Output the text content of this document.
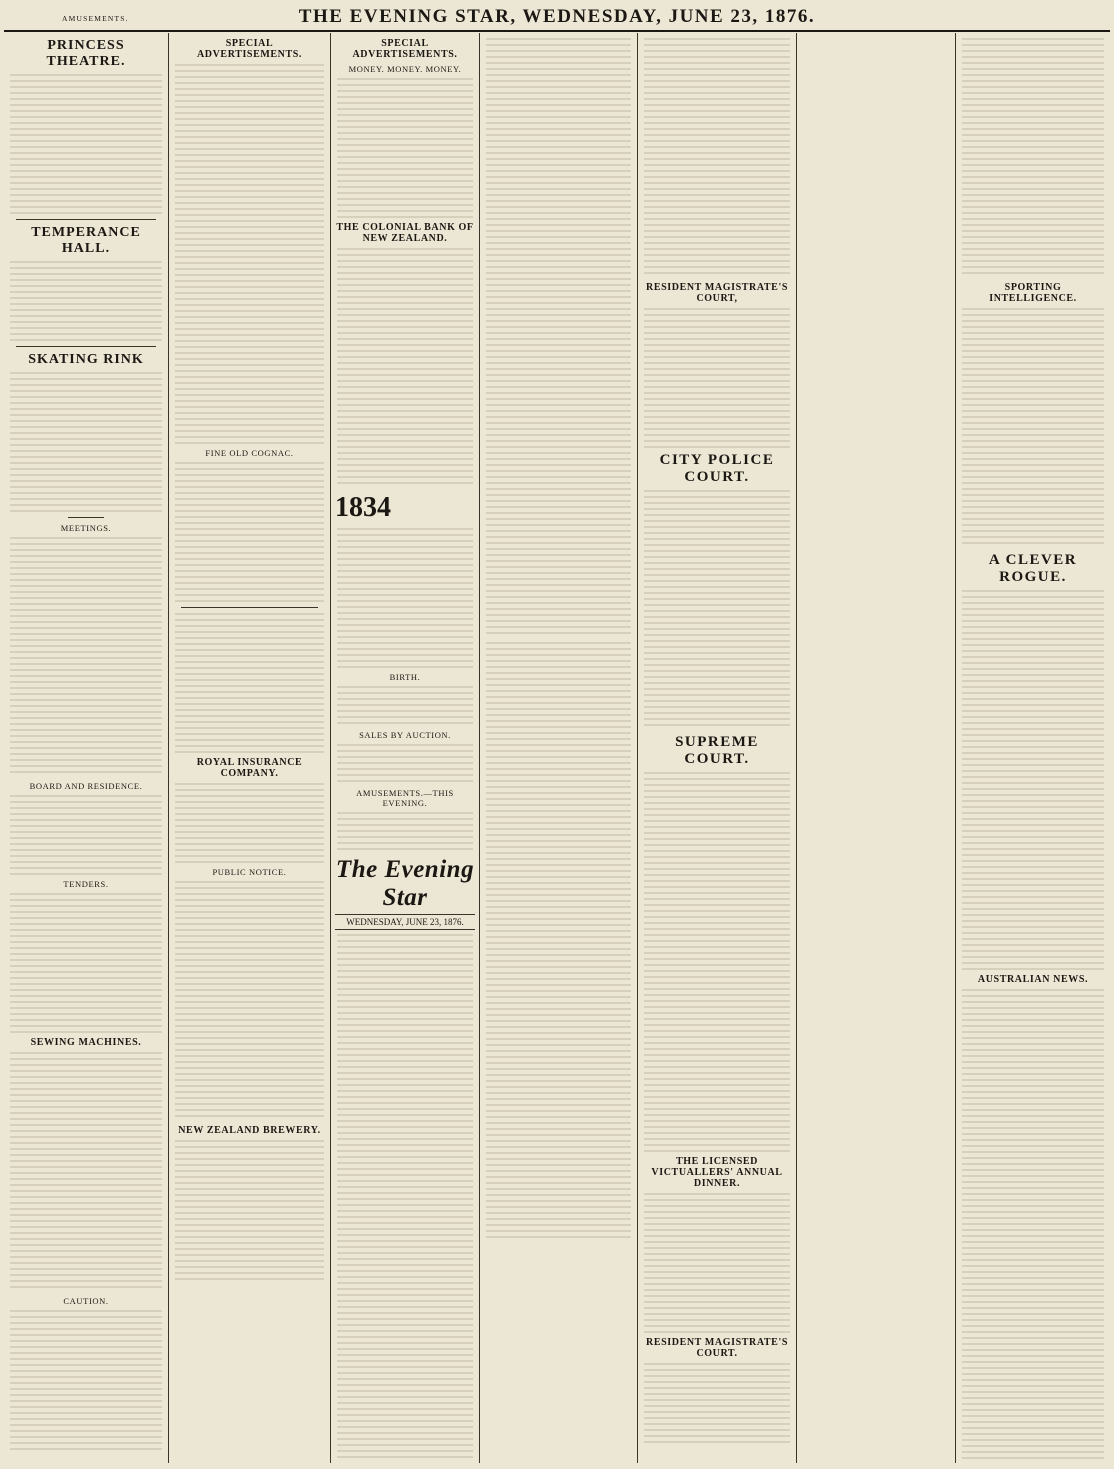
THE EVENING STAR, WEDNESDAY, JUNE 23, 1876.
AMUSEMENTS.
PRINCESS THEATRE.
TEMPERANCE HALL.
SKATING RINK
MEETINGS.
BOARD AND RESIDENCE.
TENDERS.
SEWING MACHINES.
CAUTION.
SPECIAL ADVERTISEMENTS.
FINE OLD COGNAC.
ROYAL INSURANCE COMPANY.
PUBLIC NOTICE.
NEW ZEALAND BREWERY.
SPECIAL ADVERTISEMENTS.
MONEY. MONEY. MONEY.
THE COLONIAL BANK OF NEW ZEALAND.
1834
BIRTH.
SALES BY AUCTION.
AMUSEMENTS.—THIS EVENING.
The Evening Star
WEDNESDAY, JUNE 23, 1876.
RESIDENT MAGISTRATE'S COURT,
CITY POLICE COURT.
SUPREME COURT.
THE LICENSED VICTUALLERS' ANNUAL DINNER.
RESIDENT MAGISTRATE'S COURT.
SPORTING INTELLIGENCE.
A CLEVER ROGUE.
AUSTRALIAN NEWS.
